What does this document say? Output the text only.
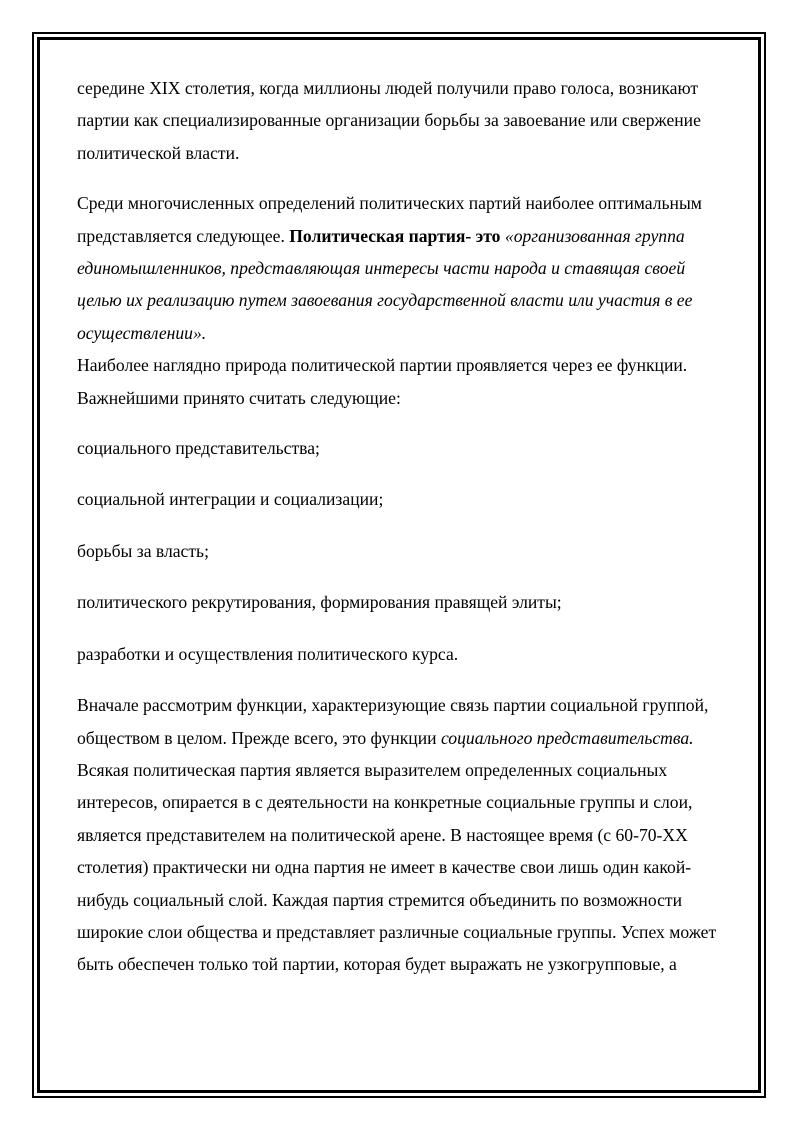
середине XIX столетия, когда миллионы людей получили право голоса, возникают партии как специализированные организации борьбы за завоевание или свержение политической власти.

Среди многочисленных определений политических партий наиболее оптимальным представляется следующее. Политическая партия- это «организованная группа единомышленников, представляющая интересы части народа и ставящая своей целью их реализацию путем завоевания государственной власти или участия в ее осуществлении».

Наиболее наглядно природа политической партии проявляется через ее функции. Важнейшими принято считать следующие:

социального представительства;

социальной интеграции и социализации;

борьбы за власть;

политического рекрутирования, формирования правящей элиты;

разработки и осуществления политического курса.

Вначале рассмотрим функции, характеризующие связь партии социальной группой, обществом в целом. Прежде всего, это функции социального представительства. Всякая политическая партия является выразителем определенных социальных интересов, опирается в с деятельности на конкретные социальные группы и слои, является представителем на политической арене. В настоящее время (с 60-70-XX столетия) практически ни одна партия не имеет в качестве свои лишь один какой-нибудь социальный слой. Каждая партия стремится объединить по возможности широкие слои общества и представляет различные социальные группы. Успех может быть обеспечен только той партии, которая будет выражать не узкогрупповые, а
